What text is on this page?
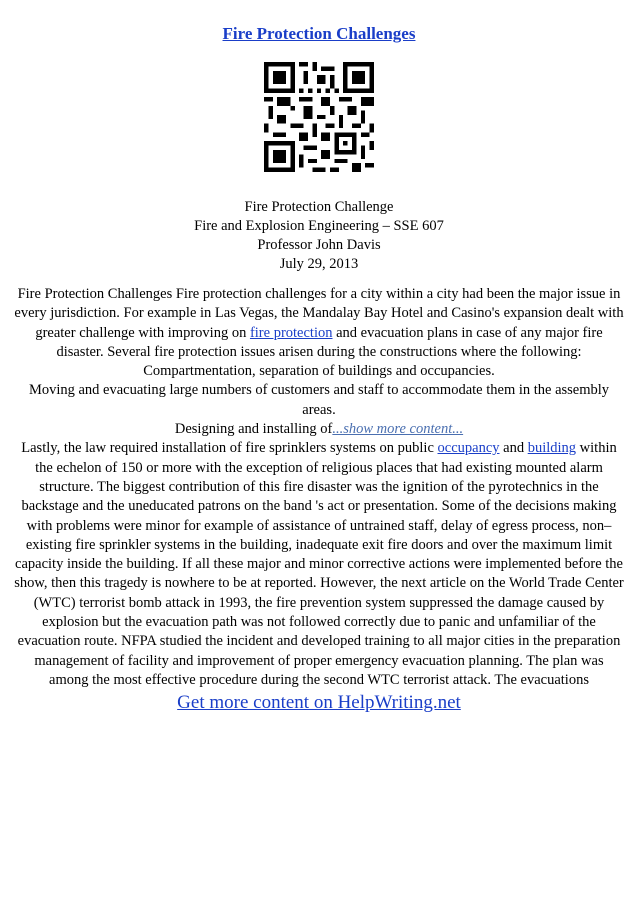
Fire Protection Challenges
Fire Protection Challenge
Fire and Explosion Engineering – SSE 607
Professor John Davis
July 29, 2013

Fire Protection Challenges Fire protection challenges for a city within a city had been the major issue in every jurisdiction. For example in Las Vegas, the Mandalay Bay Hotel and Casino's expansion dealt with greater challenge with improving on fire protection and evacuation plans in case of any major fire disaster. Several fire protection issues arisen during the constructions where the following:

Compartmentation, separation of buildings and occupancies.

Moving and evacuating large numbers of customers and staff to accommodate them in the assembly areas.

Designing and installing of...show more content...

Lastly, the law required installation of fire sprinklers systems on public occupancy and building within the echelon of 150 or more with the exception of religious places that had existing mounted alarm structure. The biggest contribution of this fire disaster was the ignition of the pyrotechnics in the backstage and the uneducated patrons on the band 's act or presentation. Some of the decisions making with problems were minor for example of assistance of untrained staff, delay of egress process, non–existing fire sprinkler systems in the building, inadequate exit fire doors and over the maximum limit capacity inside the building. If all these major and minor corrective actions were implemented before the show, then this tragedy is nowhere to be at reported. However, the next article on the World Trade Center (WTC) terrorist bomb attack in 1993, the fire prevention system suppressed the damage caused by explosion but the evacuation path was not followed correctly due to panic and unfamiliar of the evacuation route. NFPA studied the incident and developed training to all major cities in the preparation management of facility and improvement of proper emergency evacuation planning. The plan was among the most effective procedure during the second WTC terrorist attack. The evacuations

Get more content on HelpWriting.net
